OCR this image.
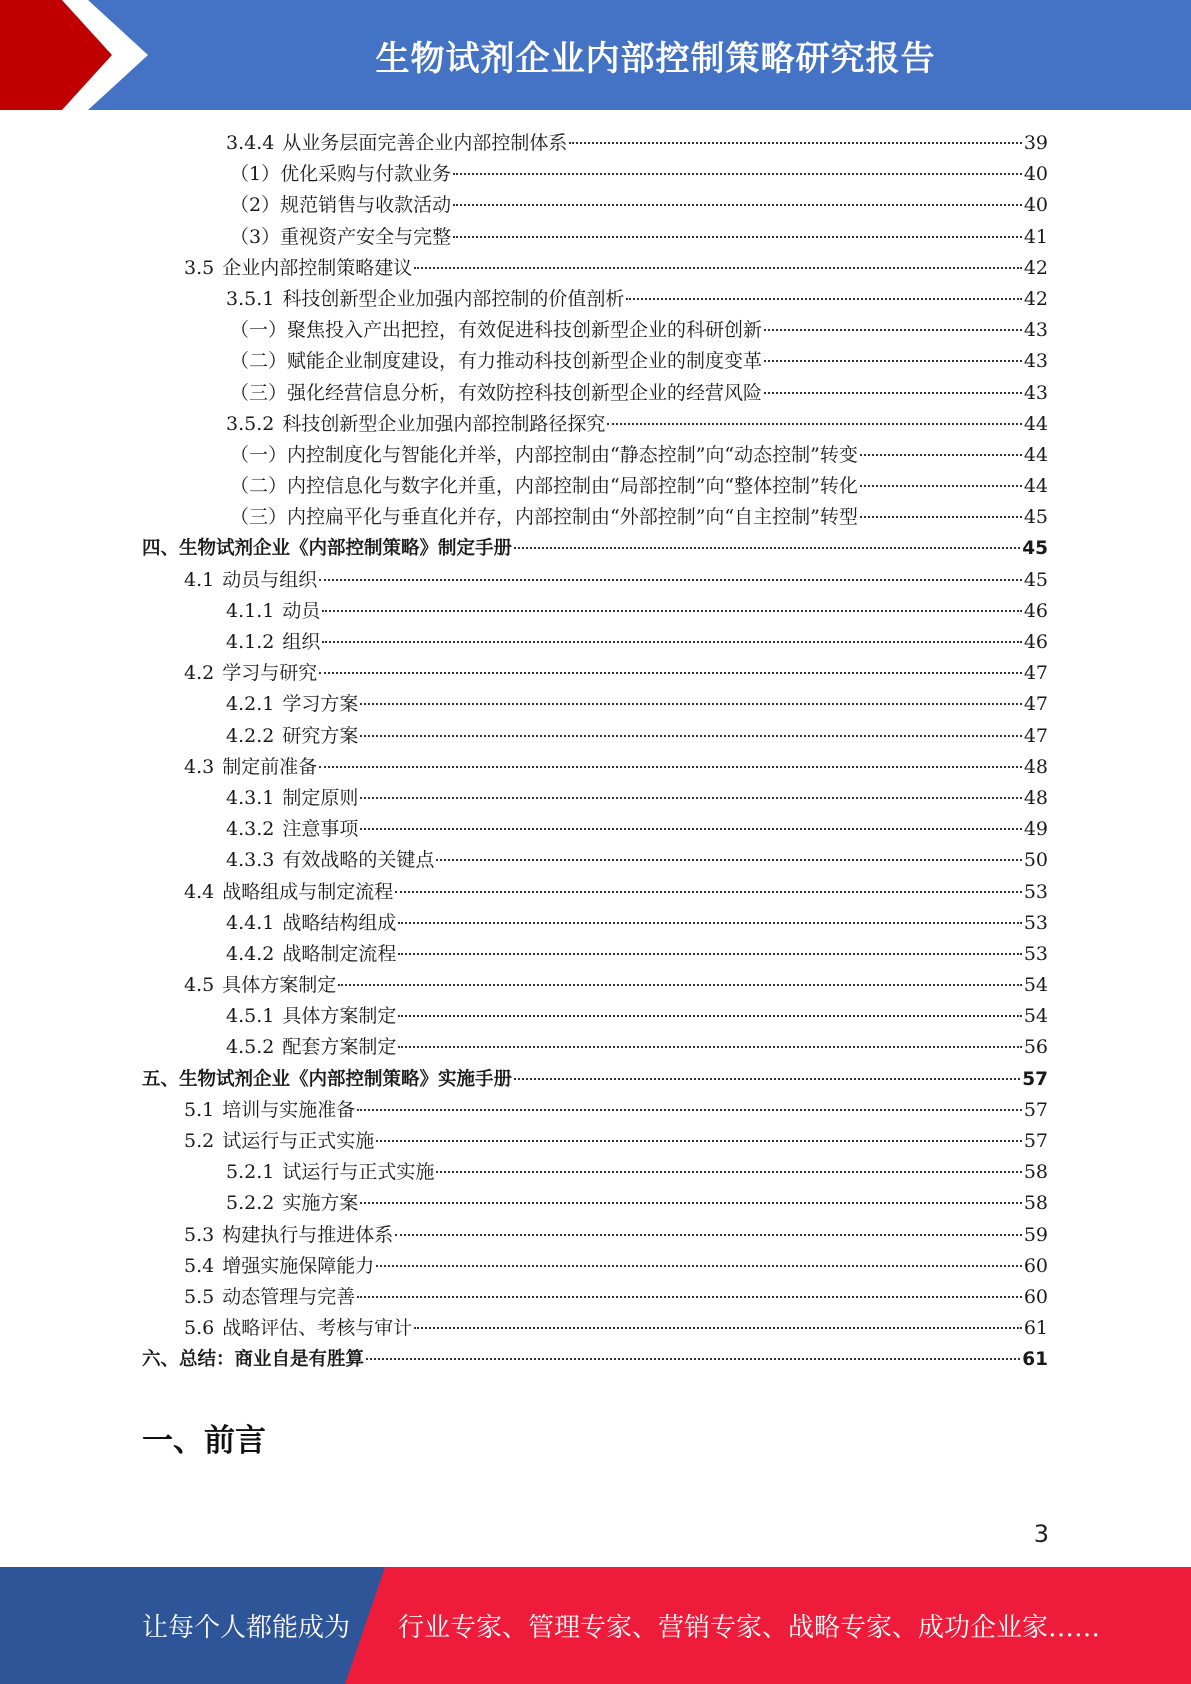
生物试剂企业内部控制策略研究报告
3.4.4 从业务层面完善企业内部控制体系	39
（1）优化采购与付款业务	40
（2）规范销售与收款活动	40
（3）重视资产安全与完整	41
3.5 企业内部控制策略建议	42
3.5.1 科技创新型企业加强内部控制的价值剖析	42
（一）聚焦投入产出把控，有效促进科技创新型企业的科研创新	43
（二）赋能企业制度建设，有力推动科技创新型企业的制度变革	43
（三）强化经营信息分析，有效防控科技创新型企业的经营风险	43
3.5.2 科技创新型企业加强内部控制路径探究	44
（一）内控制度化与智能化并举，内部控制由“静态控制”向“动态控制”转变	44
（二）内控信息化与数字化并重，内部控制由“局部控制”向“整体控制”转化	44
（三）内控扁平化与垂直化并存，内部控制由“外部控制”向“自主控制”转型	45
四、生物试剂企业《内部控制策略》制定手册	45
4.1 动员与组织	45
4.1.1 动员	46
4.1.2 组织	46
4.2 学习与研究	47
4.2.1 学习方案	47
4.2.2 研究方案	47
4.3 制定前准备	48
4.3.1 制定原则	48
4.3.2 注意事项	49
4.3.3 有效战略的关键点	50
4.4 战略组成与制定流程	53
4.4.1 战略结构组成	53
4.4.2 战略制定流程	53
4.5 具体方案制定	54
4.5.1 具体方案制定	54
4.5.2 配套方案制定	56
五、生物试剂企业《内部控制策略》实施手册	57
5.1 培训与实施准备	57
5.2 试运行与正式实施	57
5.2.1 试运行与正式实施	58
5.2.2 实施方案	58
5.3 构建执行与推进体系	59
5.4 增强实施保障能力	60
5.5 动态管理与完善	60
5.6 战略评估、考核与审计	61
六、总结：商业自是有胜算	61
一、前言
3
让每个人都能成为 行业专家、管理专家、营销专家、战略专家、成功企业家……
